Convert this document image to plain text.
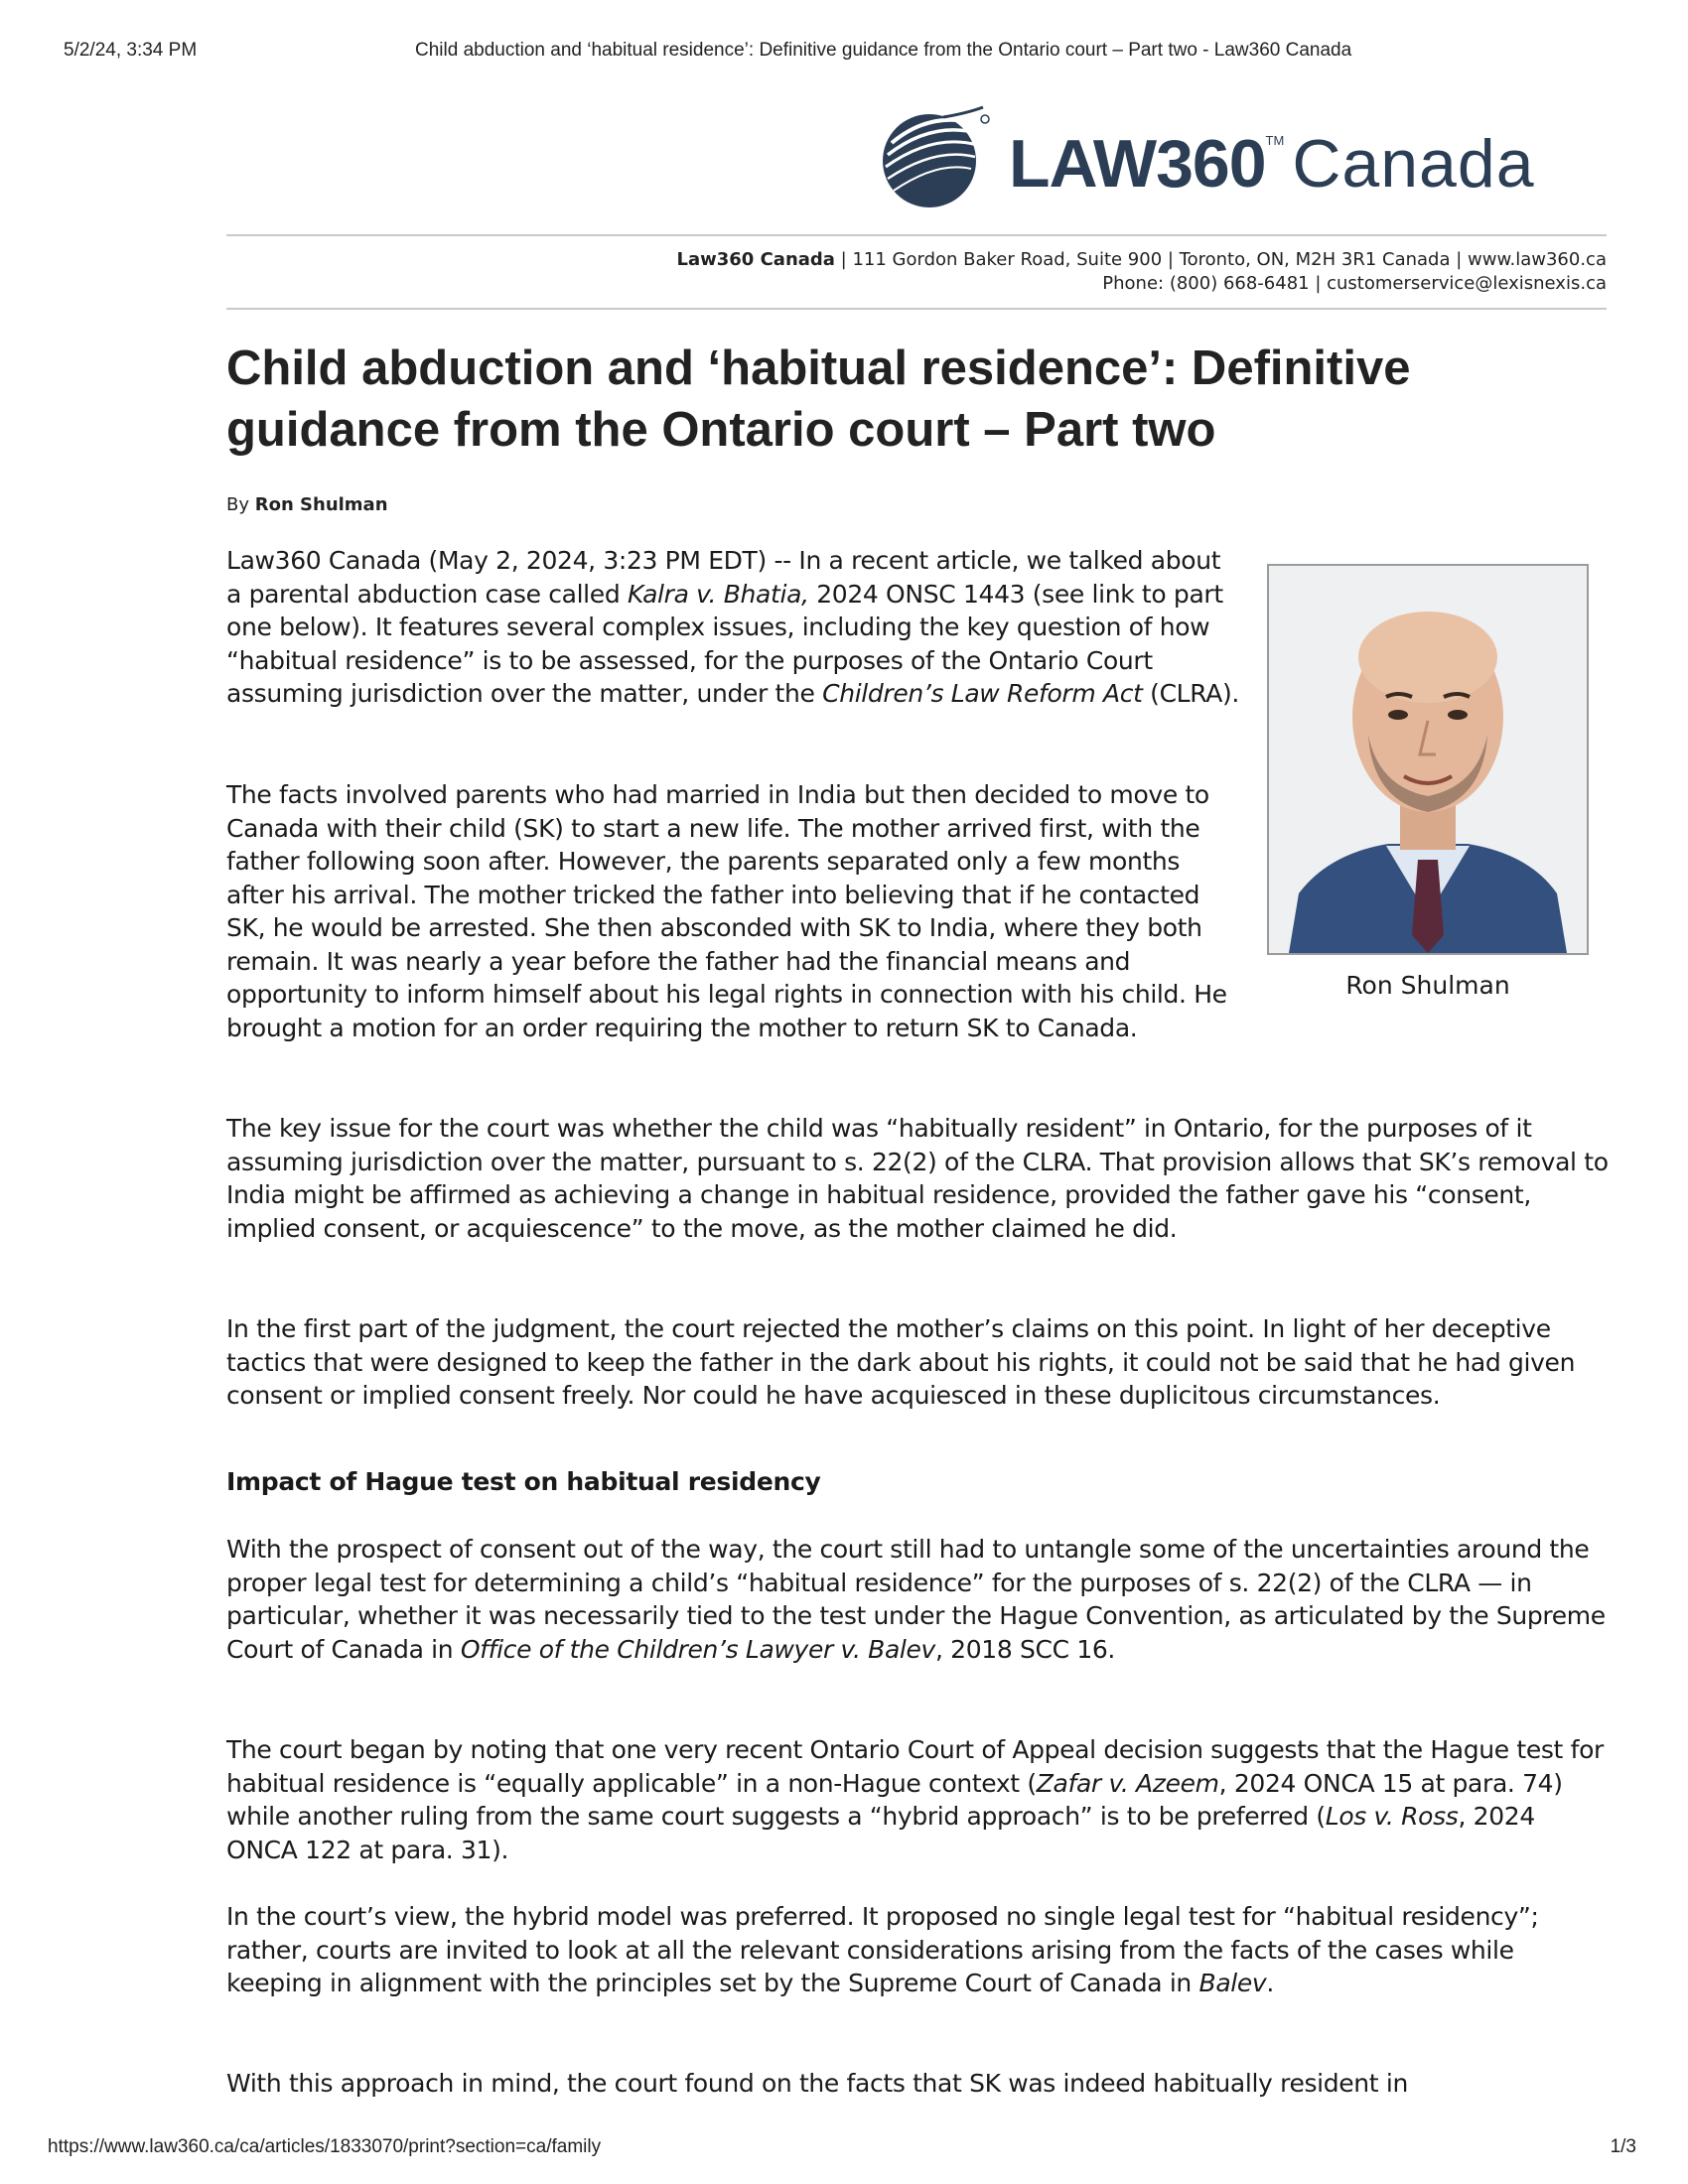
5/2/24, 3:34 PM	Child abduction and ‘habitual residence’: Definitive guidance from the Ontario court – Part two - Law360 Canada
LAW360™ Canada
Law360 Canada | 111 Gordon Baker Road, Suite 900 | Toronto, ON, M2H 3R1 Canada | www.law360.ca
Phone: (800) 668-6481 | customerservice@lexisnexis.ca
Child abduction and ‘habitual residence’: Definitive guidance from the Ontario court – Part two
By Ron Shulman

Law360 Canada (May 2, 2024, 3:23 PM EDT) -- In a recent article, we talked about a parental abduction case called Kalra v. Bhatia, 2024 ONSC 1443 (see link to part one below). It features several complex issues, including the key question of how “habitual residence” is to be assessed, for the purposes of the Ontario Court assuming jurisdiction over the matter, under the Children’s Law Reform Act (CLRA).

Ron Shulman

The facts involved parents who had married in India but then decided to move to Canada with their child (SK) to start a new life. The mother arrived first, with the father following soon after. However, the parents separated only a few months after his arrival. The mother tricked the father into believing that if he contacted SK, he would be arrested. She then absconded with SK to India, where they both remain. It was nearly a year before the father had the financial means and opportunity to inform himself about his legal rights in connection with his child. He brought a motion for an order requiring the mother to return SK to Canada.

The key issue for the court was whether the child was “habitually resident” in Ontario, for the purposes of it assuming jurisdiction over the matter, pursuant to s. 22(2) of the CLRA. That provision allows that SK’s removal to India might be affirmed as achieving a change in habitual residence, provided the father gave his “consent, implied consent, or acquiescence” to the move, as the mother claimed he did.

In the first part of the judgment, the court rejected the mother’s claims on this point. In light of her deceptive tactics that were designed to keep the father in the dark about his rights, it could not be said that he had given consent or implied consent freely. Nor could he have acquiesced in these duplicitous circumstances.

Impact of Hague test on habitual residency

With the prospect of consent out of the way, the court still had to untangle some of the uncertainties around the proper legal test for determining a child’s “habitual residence” for the purposes of s. 22(2) of the CLRA — in particular, whether it was necessarily tied to the test under the Hague Convention, as articulated by the Supreme Court of Canada in Office of the Children’s Lawyer v. Balev, 2018 SCC 16.

The court began by noting that one very recent Ontario Court of Appeal decision suggests that the Hague test for habitual residence is “equally applicable” in a non-Hague context (Zafar v. Azeem, 2024 ONCA 15 at para. 74) while another ruling from the same court suggests a “hybrid approach” is to be preferred (Los v. Ross, 2024 ONCA 122 at para. 31).

In the court’s view, the hybrid model was preferred. It proposed no single legal test for “habitual residency”; rather, courts are invited to look at all the relevant considerations arising from the facts of the cases while keeping in alignment with the principles set by the Supreme Court of Canada in Balev.

With this approach in mind, the court found on the facts that SK was indeed habitually resident in

https://www.law360.ca/ca/articles/1833070/print?section=ca/family	1/3
